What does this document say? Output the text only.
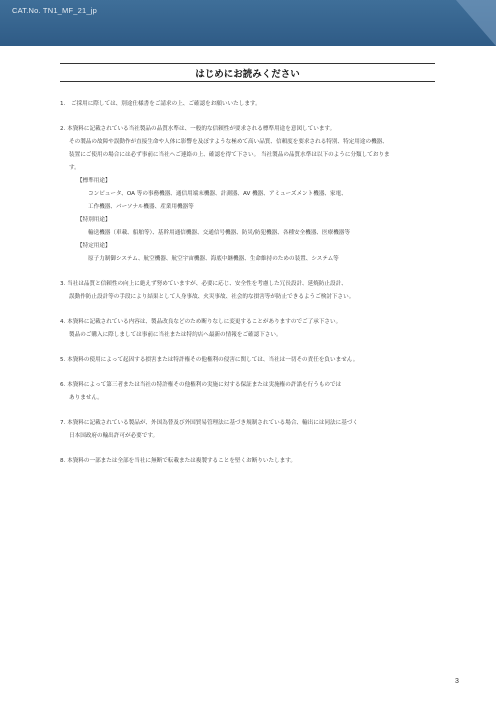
CAT.No. TN1_MF_21_jp
はじめにお読みください

1.　ご採用に際しては、別途仕様書をご請求の上、ご確認をお願いいたします。

2. 本資料に記載されている当社製品の品質水準は、一般的な信頼性が要求される標準用途を意図しています。

その製品の故障や誤動作が直接生命や人体に影響を及ぼすような極めて高い品質、信頼度を要求される特別、特定用途の機器、

装置にご使用の場合には必ず事前に当社へご連絡の上、確認を得て下さい。 当社製品の品質水準は以下のように分類しておりま

す。

【標準用途】

コンピュータ、OA 等の事務機器、通信用端末機器、計測器、AV 機器、アミューズメント機器、家電、

工作機器、パーソナル機器、産業用機器等

【特別用途】

輸送機器（車載、船舶等）、基幹用通信機器、交通信号機器、防災/防犯機器、各種安全機器、医療機器等

【特定用途】

原子力制御システム、航空機器、航空宇宙機器、海底中継機器、生命維持のための装置、システム等

3. 当社は品質と信頼性の向上に絶えず努めていますが、必要に応じ、安全性を考慮した冗長設計、延焼防止設計、

誤動作防止設計等の手段により結果として人身事故、火災事故、社会的な損害等が防止できるようご検討下さい。

4. 本資料に記載されている内容は、製品改良などのため断りなしに変更することがありますのでご了承下さい。

製品のご購入に際しましては事前に当社または特約店へ最新の情報をご確認下さい。

5. 本資料の使用によって起因する損害または特許権その他権利の侵害に関しては、当社は一切その責任を負いません。

6. 本資料によって第三者または当社の特許権その他権利の実施に対する保証または実施権の許諾を行うものでは

ありません。

7. 本資料に記載されている製品が、外国為替及び外国貿易管理法に基づき規制されている場合、輸出には同法に基づく

日本国政府の輸出許可が必要です。

8. 本資料の一部または全部を当社に無断で転載または複製することを堅くお断りいたします。

3
